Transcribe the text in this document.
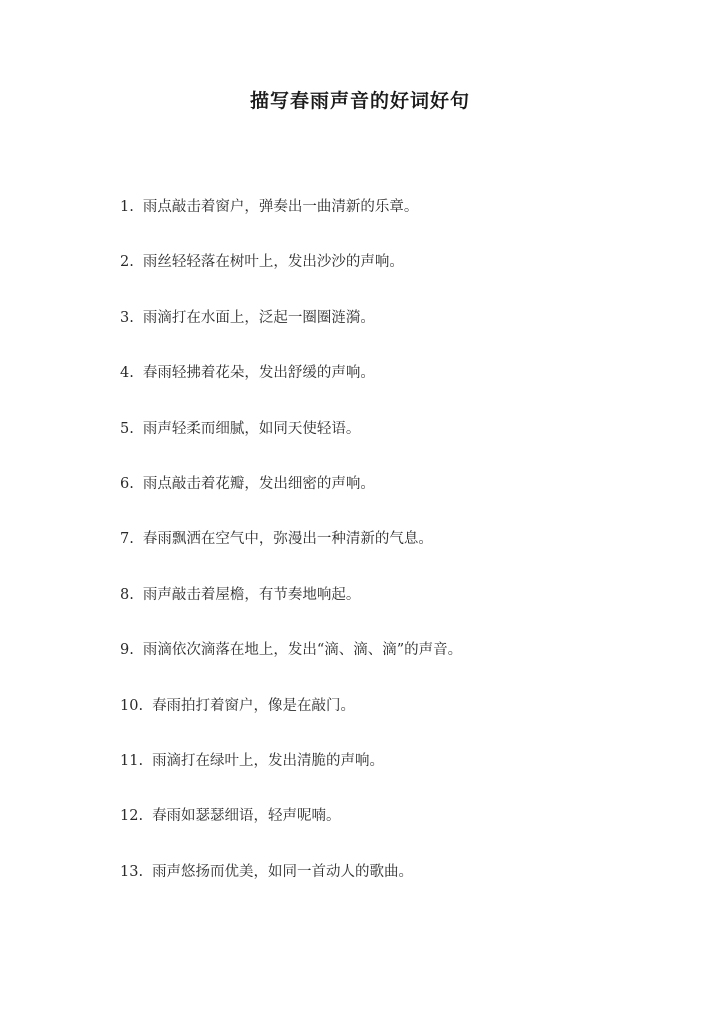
描写春雨声音的好词好句
1. 雨点敲击着窗户，弹奏出一曲清新的乐章。
2. 雨丝轻轻落在树叶上，发出沙沙的声响。
3. 雨滴打在水面上，泛起一圈圈涟漪。
4. 春雨轻拂着花朵，发出舒缓的声响。
5. 雨声轻柔而细腻，如同天使轻语。
6. 雨点敲击着花瓣，发出细密的声响。
7. 春雨飘洒在空气中，弥漫出一种清新的气息。
8. 雨声敲击着屋檐，有节奏地响起。
9. 雨滴依次滴落在地上，发出“滴、滴、滴”的声音。
10. 春雨拍打着窗户，像是在敲门。
11. 雨滴打在绿叶上，发出清脆的声响。
12. 春雨如瑟瑟细语，轻声呢喃。
13. 雨声悠扬而优美，如同一首动人的歌曲。
